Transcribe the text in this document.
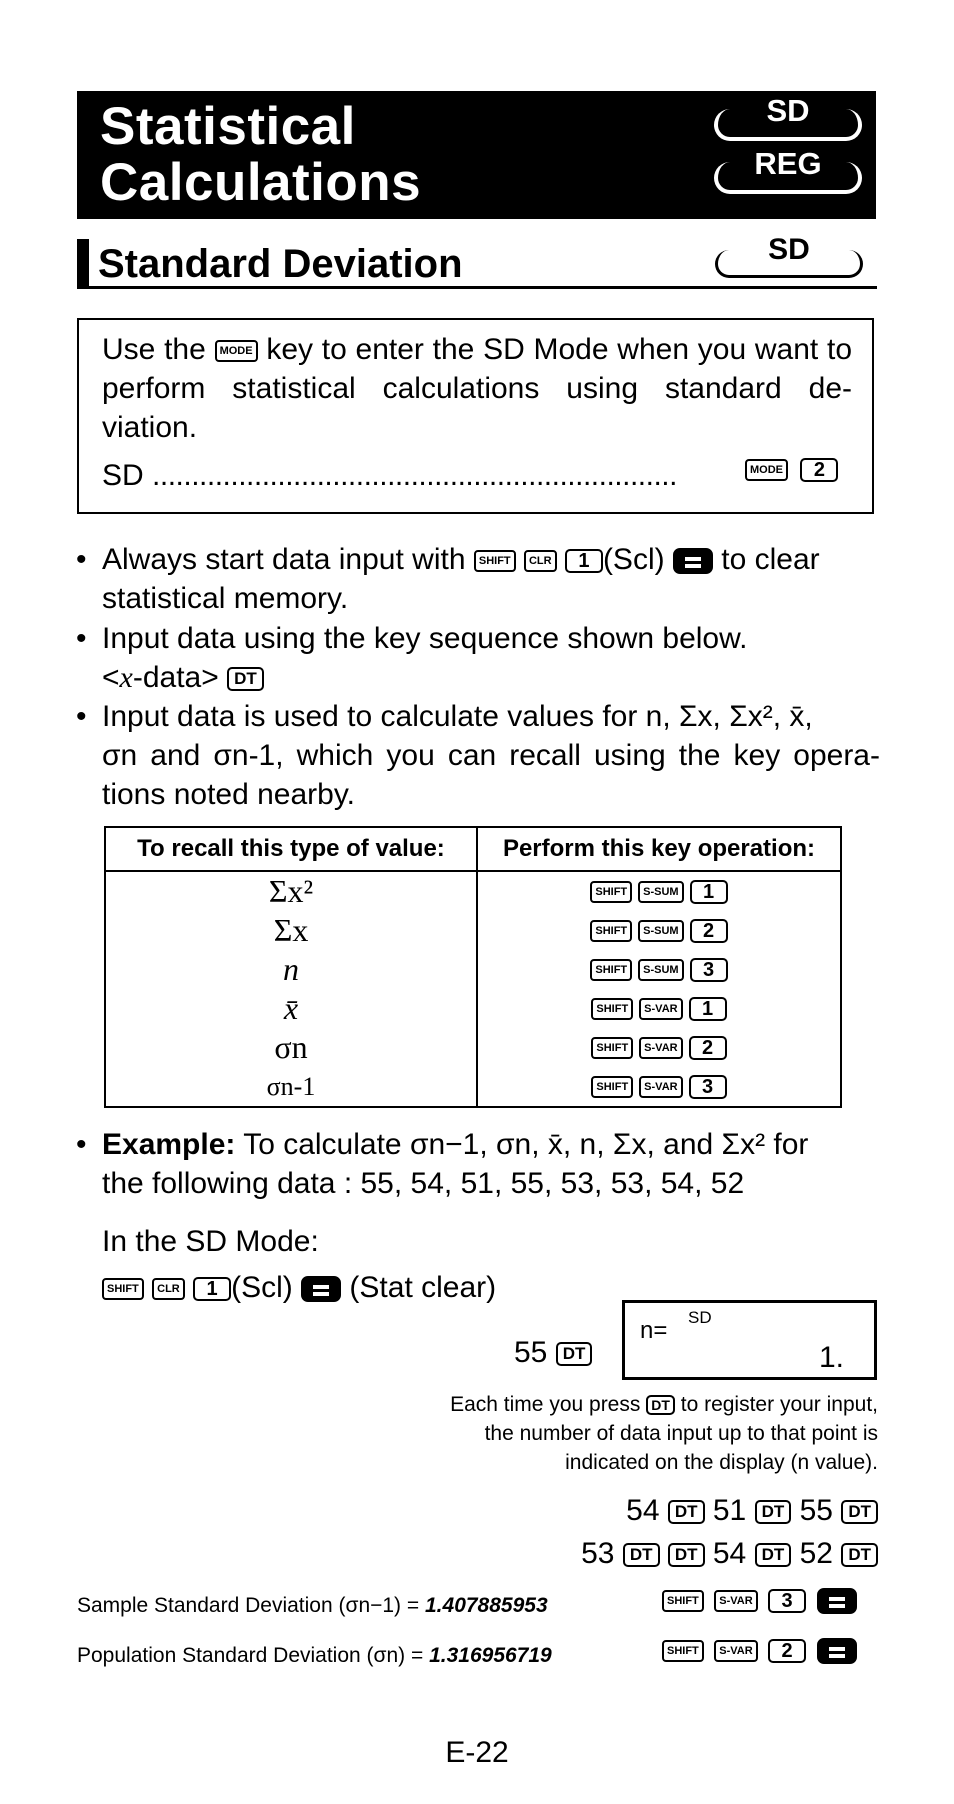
Statistical
Calculations
SD
REG
Standard Deviation	SD
Use the MODE key to enter the SD Mode when you want to perform statistical calculations using standard de-viation.
SD ...................................................................	MODE 2
• Always start data input with SHIFT CLR 1 (Scl) to clear
statistical memory.
• Input data using the key sequence shown below.
<x-data> DT
• Input data is used to calculate values for n, Σx, Σx², x̄,
σn and σn-1, which you can recall using the key opera-
tions noted nearby.
To recall this type of value:	Perform this key operation:
Σx²	SHIFT S-SUM 1
Σx	SHIFT S-SUM 2
n	SHIFT S-SUM 3
x̄	SHIFT S-VAR 1
σn	SHIFT S-VAR 2
σn-1	SHIFT S-VAR 3
• Example: To calculate σn−1, σn, x̄, n, Σx, and Σx² for
the following data : 55, 54, 51, 55, 53, 53, 54, 52
In the SD Mode:
SHIFT CLR 1 (Scl) (Stat clear)
55 DT
n= SD
1.
Each time you press DT to register your input,
the number of data input up to that point is
indicated on the display (n value).
54 DT 51 DT 55 DT
53 DT DT 54 DT 52 DT
Sample Standard Deviation (σn−1) = 1.407885953	SHIFT S-VAR 3
Population Standard Deviation (σn) = 1.316956719	SHIFT S-VAR 2
E-22
